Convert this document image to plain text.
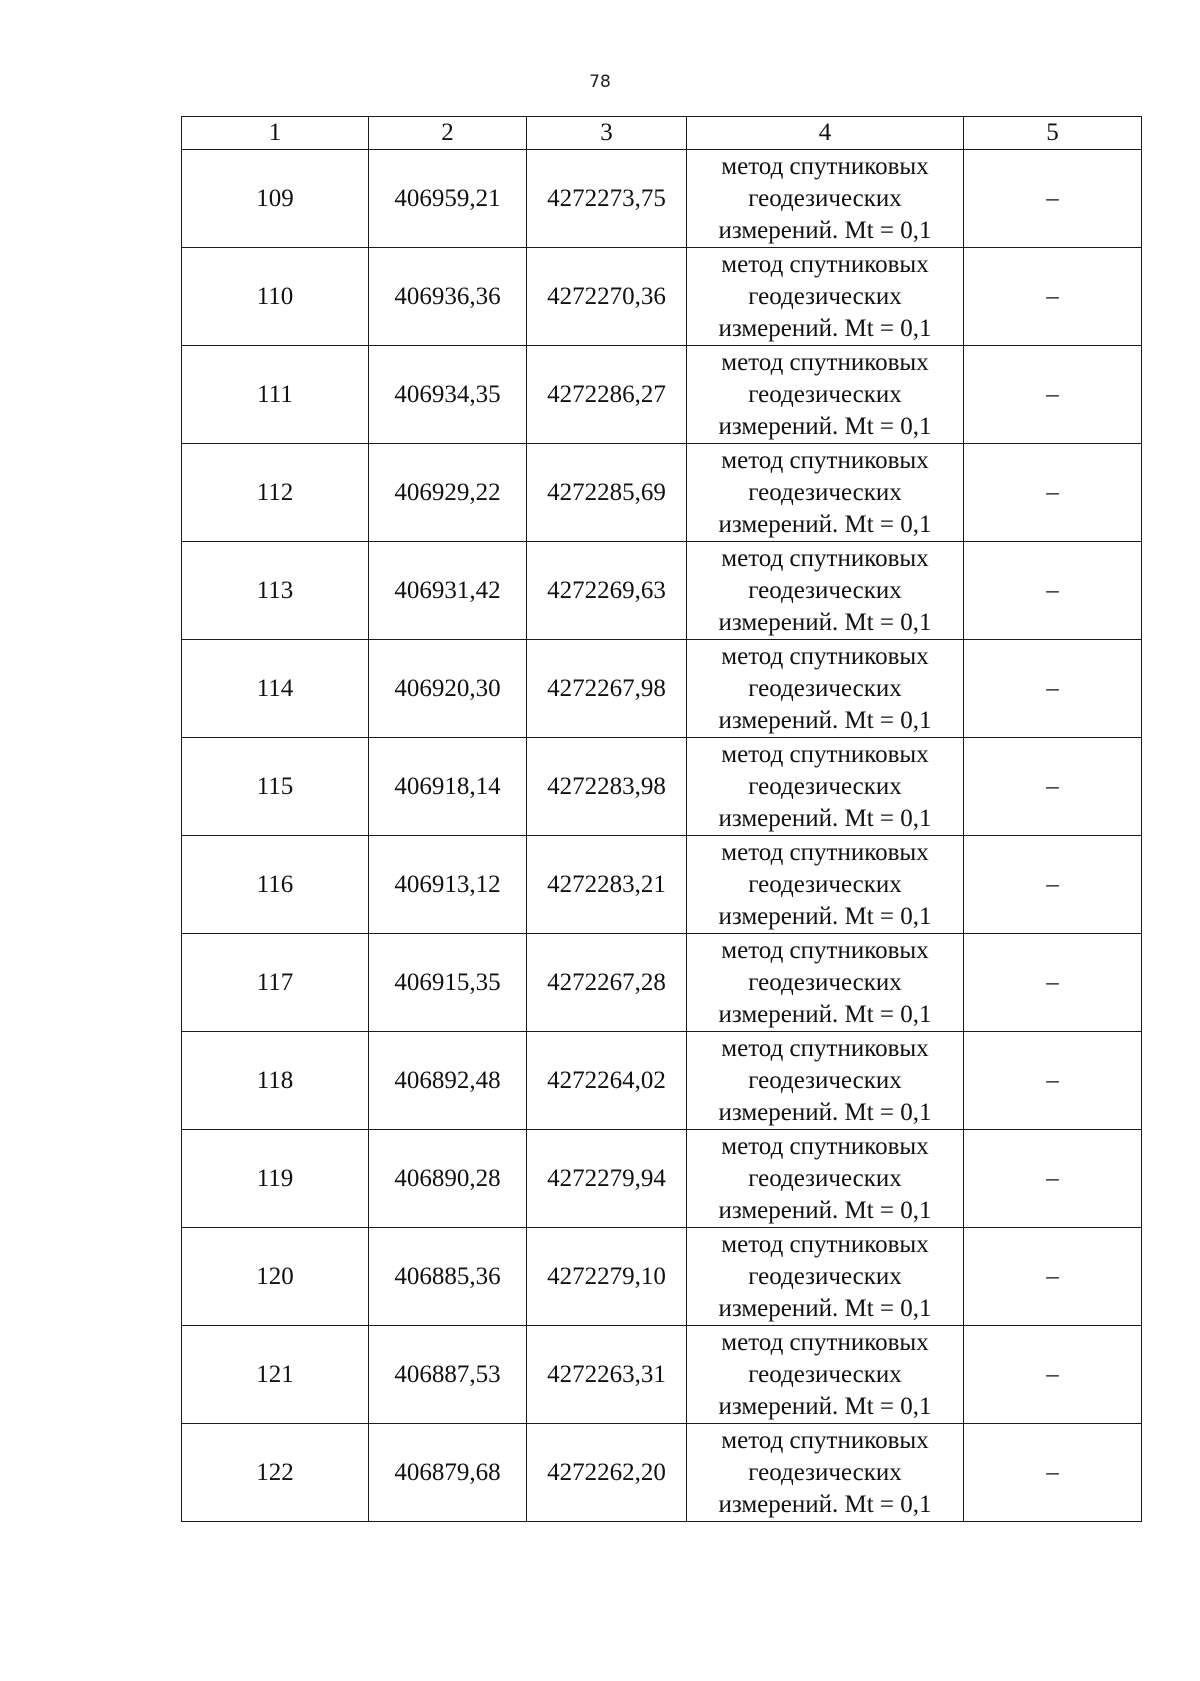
78
1	2	3	4	5
109	406959,21	4272273,75	метод спутниковых
геодезических
измерений. Mt = 0,1	–
110	406936,36	4272270,36	метод спутниковых
геодезических
измерений. Mt = 0,1	–
111	406934,35	4272286,27	метод спутниковых
геодезических
измерений. Mt = 0,1	–
112	406929,22	4272285,69	метод спутниковых
геодезических
измерений. Mt = 0,1	–
113	406931,42	4272269,63	метод спутниковых
геодезических
измерений. Mt = 0,1	–
114	406920,30	4272267,98	метод спутниковых
геодезических
измерений. Mt = 0,1	–
115	406918,14	4272283,98	метод спутниковых
геодезических
измерений. Mt = 0,1	–
116	406913,12	4272283,21	метод спутниковых
геодезических
измерений. Mt = 0,1	–
117	406915,35	4272267,28	метод спутниковых
геодезических
измерений. Mt = 0,1	–
118	406892,48	4272264,02	метод спутниковых
геодезических
измерений. Mt = 0,1	–
119	406890,28	4272279,94	метод спутниковых
геодезических
измерений. Mt = 0,1	–
120	406885,36	4272279,10	метод спутниковых
геодезических
измерений. Mt = 0,1	–
121	406887,53	4272263,31	метод спутниковых
геодезических
измерений. Mt = 0,1	–
122	406879,68	4272262,20	метод спутниковых
геодезических
измерений. Mt = 0,1	–
